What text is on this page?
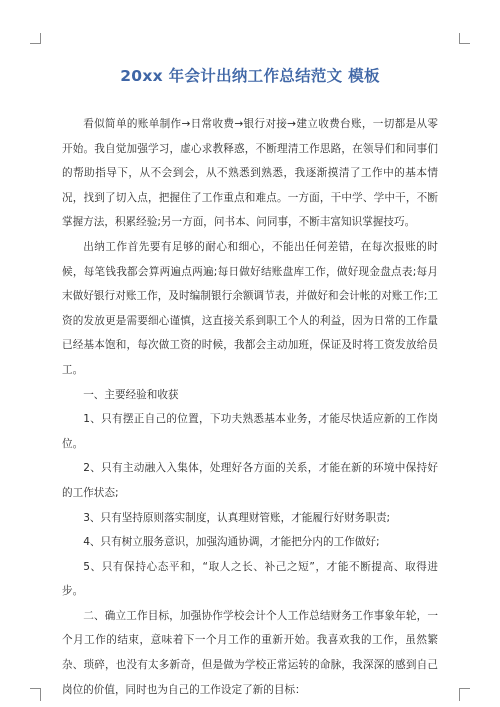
20xx 年会计出纳工作总结范文 模板

看似简单的账单制作→日常收费→银行对接→建立收费台账，一切都是从零开始。我自觉加强学习，虚心求教释惑，不断理清工作思路，在领导们和同事们的帮助指导下，从不会到会，从不熟悉到熟悉，我逐渐摸清了工作中的基本情况，找到了切入点，把握住了工作重点和难点。一方面，干中学、学中干，不断掌握方法，积累经验;另一方面，问书本、问同事，不断丰富知识掌握技巧。

出纳工作首先要有足够的耐心和细心，不能出任何差错，在每次报账的时候，每笔钱我都会算两遍点两遍;每日做好结账盘库工作，做好现金盘点表;每月末做好银行对账工作，及时编制银行余额调节表，并做好和会计帐的对账工作;工资的发放更是需要细心谨慎，这直接关系到职工个人的利益，因为日常的工作量已经基本饱和，每次做工资的时候，我都会主动加班，保证及时将工资发放给员工。

一、主要经验和收获

1、只有摆正自己的位置，下功夫熟悉基本业务，才能尽快适应新的工作岗位。

2、只有主动融入入集体，处理好各方面的关系，才能在新的环境中保持好的工作状态;

3、只有坚持原则落实制度，认真理财管账，才能履行好财务职责;

4、只有树立服务意识，加强沟通协调，才能把分内的工作做好;

5、只有保持心态平和，“取人之长、补己之短”，才能不断提高、取得进步。

二、确立工作目标，加强协作学校会计个人工作总结财务工作事象年轮，一个月工作的结束，意味着下一个月工作的重新开始。我喜欢我的工作，虽然繁杂、琐碎，也没有太多新奇，但是做为学校正常运转的命脉，我深深的感到自己岗位的价值，同时也为自己的工作设定了新的目标：
